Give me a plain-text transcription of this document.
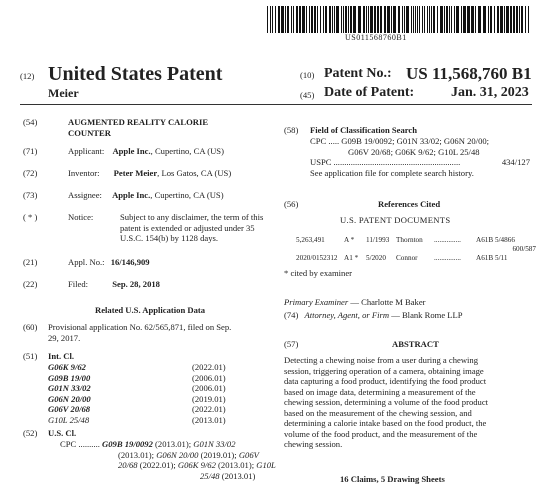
US011568760B1
(12) United States Patent
Meier
(10) Patent No.: US 11,568,760 B1
(45) Date of Patent:	Jan. 31, 2023
(54)	AUGMENTED REALITY CALORIE
COUNTER
(71)	Applicant: Apple Inc., Cupertino, CA (US)
(72)	Inventor: Peter Meier, Los Gatos, CA (US)
(73)	Assignee: Apple Inc., Cupertino, CA (US)
( * )	Notice:	Subject to any disclaimer, the term of this
patent is extended or adjusted under 35
U.S.C. 154(b) by 1128 days.
(21)	Appl. No.: 16/146,909
(22)	Filed:	Sep. 28, 2018
Related U.S. Application Data
(60) Provisional application No. 62/565,871, filed on Sep.
29, 2017.
(51) Int. Cl.
G06K 9/62	(2022.01)
G09B 19/00	(2006.01)
G01N 33/02	(2006.01)
G06N 20/00	(2019.01)
G06V 20/68	(2022.01)
G10L 25/48	(2013.01)
(52) U.S. Cl.
CPC .......... G09B 19/0092 (2013.01); G01N 33/02
(2013.01); G06N 20/00 (2019.01); G06V
20/68 (2022.01); G06K 9/62 (2013.01); G10L
25/48 (2013.01)
(58) Field of Classification Search
CPC ..... G09B 19/0092; G01N 33/02; G06N 20/00;
G06V 20/68; G06K 9/62; G10L 25/48
USPC ...........................................................	434/127
See application file for complete search history.
(56)	References Cited
U.S. PATENT DOCUMENTS
5,263,491	A *	11/1993 Thornton	...............	A61B 5/4866
600/587
2020/0152312 A1 *	5/2020	Connor	...............	A61B 5/11
* cited by examiner
Primary Examiner — Charlotte M Baker
(74) Attorney, Agent, or Firm — Blank Rome LLP
(57)	ABSTRACT
Detecting a chewing noise from a user during a chewing
session, triggering operation of a camera, obtaining image
data capturing a food product, identifying the food product
based on image data, determining a measurement of the
chewing session, determining a volume of the food product
based on the measurement of the chewing session, and
determining a calorie intake based on the food product, the
volume of the food product, and the measurement of the
chewing session.
16 Claims, 5 Drawing Sheets
